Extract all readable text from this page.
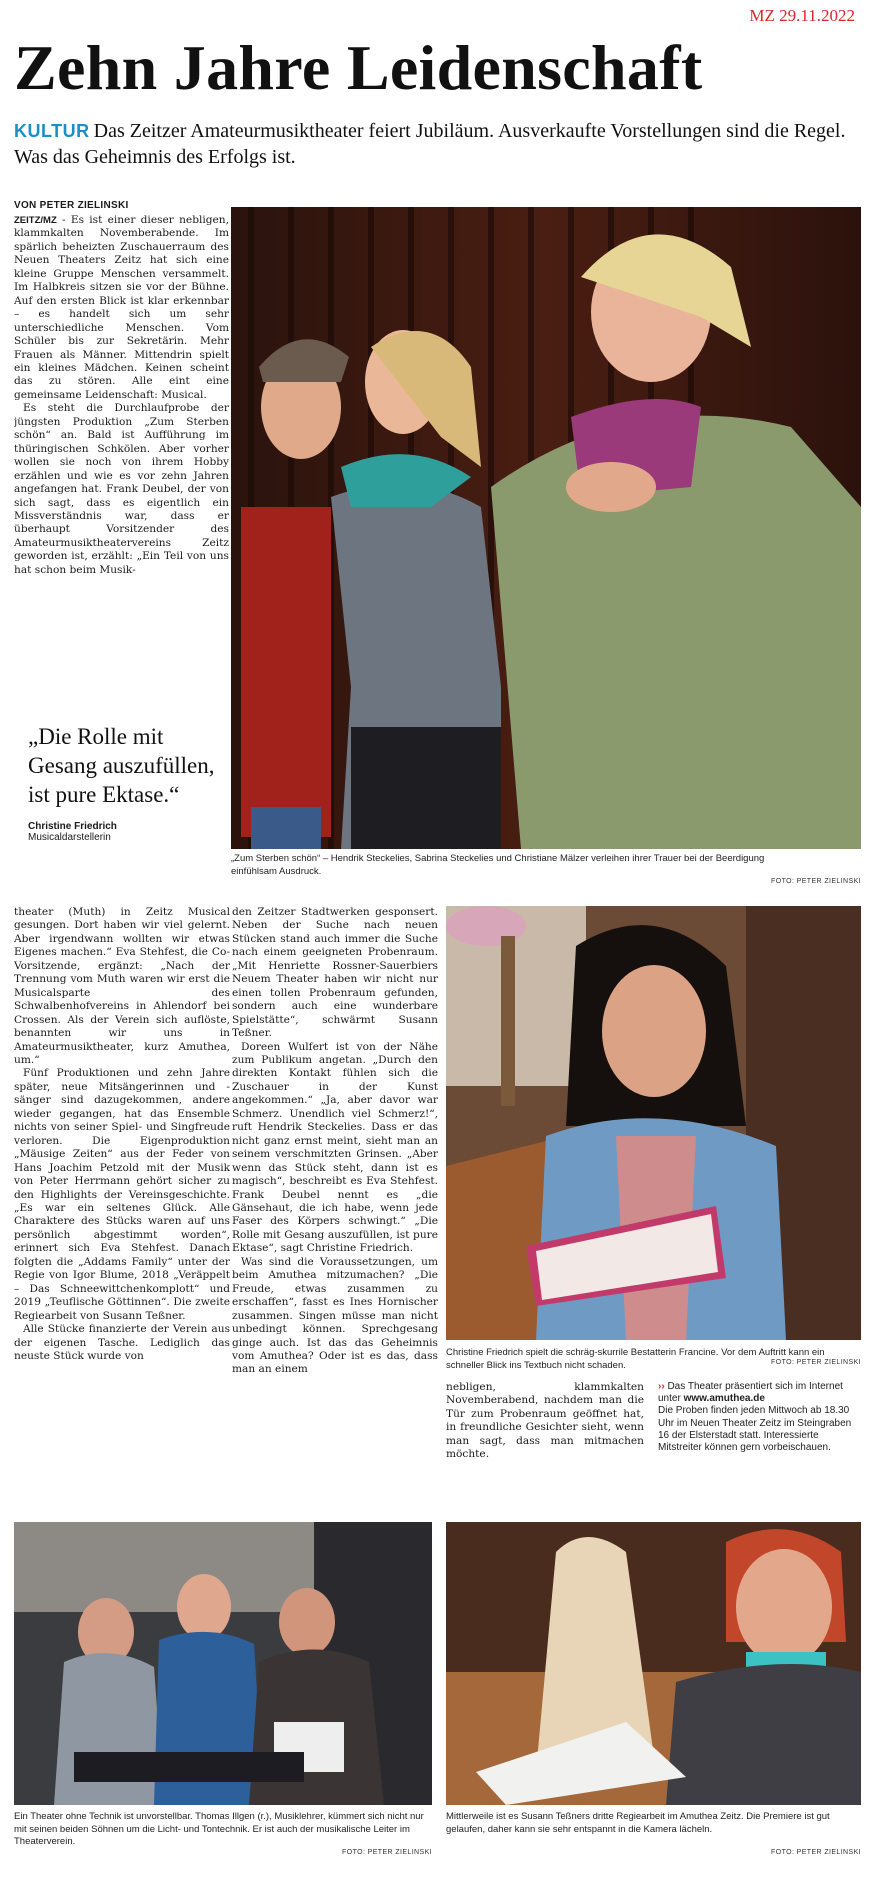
MZ 29.11.2022
Zehn Jahre Leidenschaft
KULTUR Das Zeitzer Amateurmusiktheater feiert Jubiläum. Ausverkaufte Vorstellungen sind die Regel. Was das Geheimnis des Erfolgs ist.
VON PETER ZIELINSKI

ZEITZ/MZ - Es ist einer dieser nebligen, klammkalten Novemberabende. Im spärlich beheizten Zuschauerraum des Neuen Theaters Zeitz hat sich eine kleine Gruppe Menschen versammelt. Im Halbkreis sitzen sie vor der Bühne. Auf den ersten Blick ist klar erkennbar – es handelt sich um sehr unterschiedliche Menschen. Vom Schüler bis zur Sekretärin. Mehr Frauen als Männer. Mittendrin spielt ein kleines Mädchen. Keinen scheint das zu stören. Alle eint eine gemeinsame Leidenschaft: Musical.

Es steht die Durchlaufprobe der jüngsten Produktion „Zum Sterben schön“ an. Bald ist Aufführung im thüringischen Schkölen. Aber vorher wollen sie noch von ihrem Hobby erzählen und wie es vor zehn Jahren angefangen hat. Frank Deubel, der von sich sagt, dass es eigentlich ein Missverständnis war, dass er überhaupt Vorsitzender des Amateurmusiktheatervereins Zeitz geworden ist, erzählt: „Ein Teil von uns hat schon beim Musik-

„Die Rolle mit Gesang auszufüllen, ist pure Ektase.“
Christine Friedrich
Musicaldarstellerin
„Zum Sterben schön“ – Hendrik Steckelies, Sabrina Steckelies und Christiane Mälzer verleihen ihrer Trauer bei der Beerdigung einfühlsam Ausdruck.
FOTO: PETER ZIELINSKI

theater (Muth) in Zeitz Musical gesungen. Dort haben wir viel gelernt. Aber irgendwann wollten wir etwas Eigenes machen.“ Eva Stehfest, die Co-Vorsitzende, ergänzt: „Nach der Trennung vom Muth waren wir erst die Musicalsparte des Schwalbenhofvereins in Ahlendorf bei Crossen. Als der Verein sich auflöste, benannten wir uns in Amateurmusiktheater, kurz Amuthea, um.“

Fünf Produktionen und zehn Jahre später, neue Mitsängerinnen und -sänger sind dazugekommen, andere wieder gegangen, hat das Ensemble nichts von seiner Spiel- und Singfreude verloren. Die Eigenproduktion „Mäusige Zeiten“ aus der Feder von Hans Joachim Petzold mit der Musik von Peter Herrmann gehört sicher zu den Highlights der Vereinsgeschichte. „Es war ein seltenes Glück. Alle Charaktere des Stücks waren auf uns persönlich abgestimmt worden“, erinnert sich Eva Stehfest. Danach folgten die „Addams Family“ unter der Regie von Igor Blume, 2018 „Veräppelt – Das Schneewittchenkomplott“ und 2019 „Teuflische Göttinnen“. Die zweite Regiearbeit von Susann Teßner.

Alle Stücke finanzierte der Verein aus der eigenen Tasche. Lediglich das neuste Stück wurde von

den Zeitzer Stadtwerken gesponsert. Neben der Suche nach neuen Stücken stand auch immer die Suche nach einem geeigneten Probenraum. „Mit Henriette Rossner-Sauerbiers Neuem Theater haben wir nicht nur einen tollen Probenraum gefunden, sondern auch eine wunderbare Spielstätte“, schwärmt Susann Teßner.

Doreen Wulfert ist von der Nähe zum Publikum angetan. „Durch den direkten Kontakt fühlen sich die Zuschauer in der Kunst angekommen.“ „Ja, aber davor war Schmerz. Unendlich viel Schmerz!“, ruft Hendrik Steckelies. Dass er das nicht ganz ernst meint, sieht man an seinem verschmitzten Grinsen. „Aber wenn das Stück steht, dann ist es magisch“, beschreibt es Eva Stehfest. Frank Deubel nennt es „die Gänsehaut, die ich habe, wenn jede Faser des Körpers schwingt.“ „Die Rolle mit Gesang auszufüllen, ist pure Ektase“, sagt Christine Friedrich.

Was sind die Voraussetzungen, um beim Amuthea mitzumachen? „Die Freude, etwas zusammen zu erschaffen“, fasst es Ines Hornischer zusammen. Singen müsse man nicht unbedingt können. Sprechgesang ginge auch. Ist das das Geheimnis vom Amuthea? Oder ist es das, dass man an einem

Christine Friedrich spielt die schräg-skurrile Bestatterin Francine. Vor dem Auftritt kann ein schneller Blick ins Textbuch nicht schaden.	FOTO: PETER ZIELINSKI

nebligen, klammkalten Novemberabend, nachdem man die Tür zum Probenraum geöffnet hat, in freundliche Gesichter sieht, wenn man sagt, dass man mitmachen möchte.

›› Das Theater präsentiert sich im Internet unter www.amuthea.de
Die Proben finden jeden Mittwoch ab 18.30 Uhr im Neuen Theater Zeitz im Steingraben 16 der Elsterstadt statt. Interessierte Mitstreiter können gern vorbeischauen.
Ein Theater ohne Technik ist unvorstellbar. Thomas Illgen (r.), Musiklehrer, kümmert sich nicht nur mit seinen beiden Söhnen um die Licht- und Tontechnik. Er ist auch der musikalische Leiter im Theaterverein.
FOTO: PETER ZIELINSKI
Mittlerweile ist es Susann Teßners dritte Regiearbeit im Amuthea Zeitz. Die Premiere ist gut gelaufen, daher kann sie sehr entspannt in die Kamera lächeln.
FOTO: PETER ZIELINSKI
